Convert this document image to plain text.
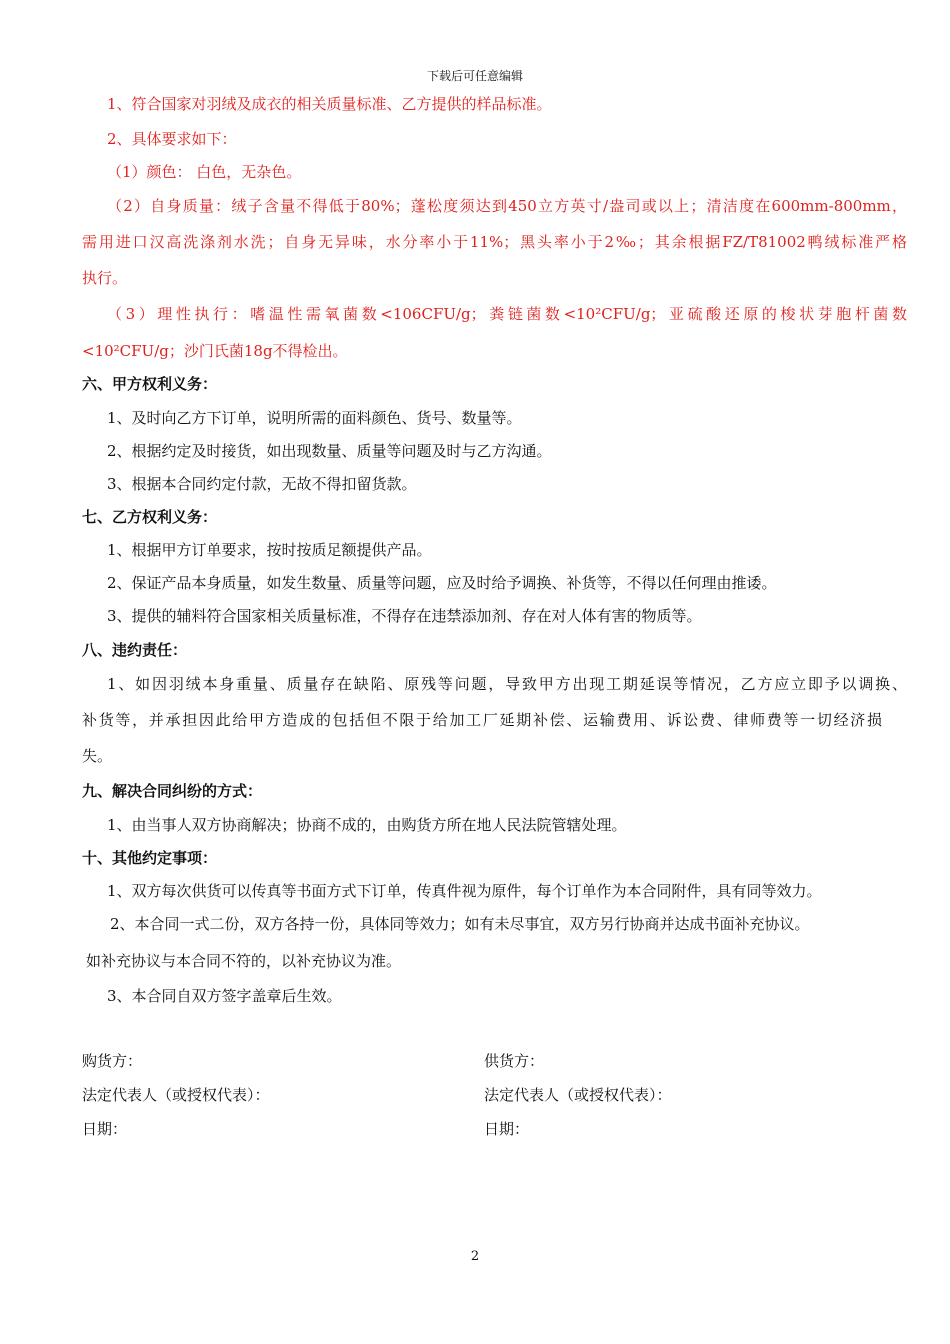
下载后可任意编辑
1、符合国家对羽绒及成衣的相关质量标准、乙方提供的样品标准。
2、具体要求如下：
（1）颜色： 白色，无杂色。
（2）自身质量：绒子含量不得低于80%；蓬松度须达到450立方英寸/盎司或以上；清洁度在600mm-800mm，
需用进口汉高洗涤剂水洗；自身无异味，水分率小于11%；黑头率小于2‰；其余根据FZ/T81002鸭绒标准严格
执行。
（3）理性执行：嗜温性需氧菌数<106CFU/g；粪链菌数<10²CFU/g；亚硫酸还原的梭状芽胞杆菌数
<10²CFU/g；沙门氏菌18g不得检出。
六、甲方权利义务：
1、及时向乙方下订单，说明所需的面料颜色、货号、数量等。
2、根据约定及时接货，如出现数量、质量等问题及时与乙方沟通。
3、根据本合同约定付款，无故不得扣留货款。
七、乙方权利义务：
1、根据甲方订单要求，按时按质足额提供产品。
2、保证产品本身质量，如发生数量、质量等问题，应及时给予调换、补货等，不得以任何理由推诿。
3、提供的辅料符合国家相关质量标准，不得存在违禁添加剂、存在对人体有害的物质等。
八、违约责任：
1、如因羽绒本身重量、质量存在缺陷、原残等问题，导致甲方出现工期延误等情况，乙方应立即予以调换、
补货等，并承担因此给甲方造成的包括但不限于给加工厂延期补偿、运输费用、诉讼费、律师费等一切经济损
失。
九、解决合同纠纷的方式：
1、由当事人双方协商解决；协商不成的，由购货方所在地人民法院管辖处理。
十、其他约定事项：
1、双方每次供货可以传真等书面方式下订单，传真件视为原件，每个订单作为本合同附件，具有同等效力。
2、本合同一式二份，双方各持一份，具体同等效力；如有未尽事宜，双方另行协商并达成书面补充协议。
如补充协议与本合同不符的，以补充协议为准。
3、本合同自双方签字盖章后生效。
购货方：	供货方：
法定代表人（或授权代表）：	法定代表人（或授权代表）：
日期：	日期：
2
